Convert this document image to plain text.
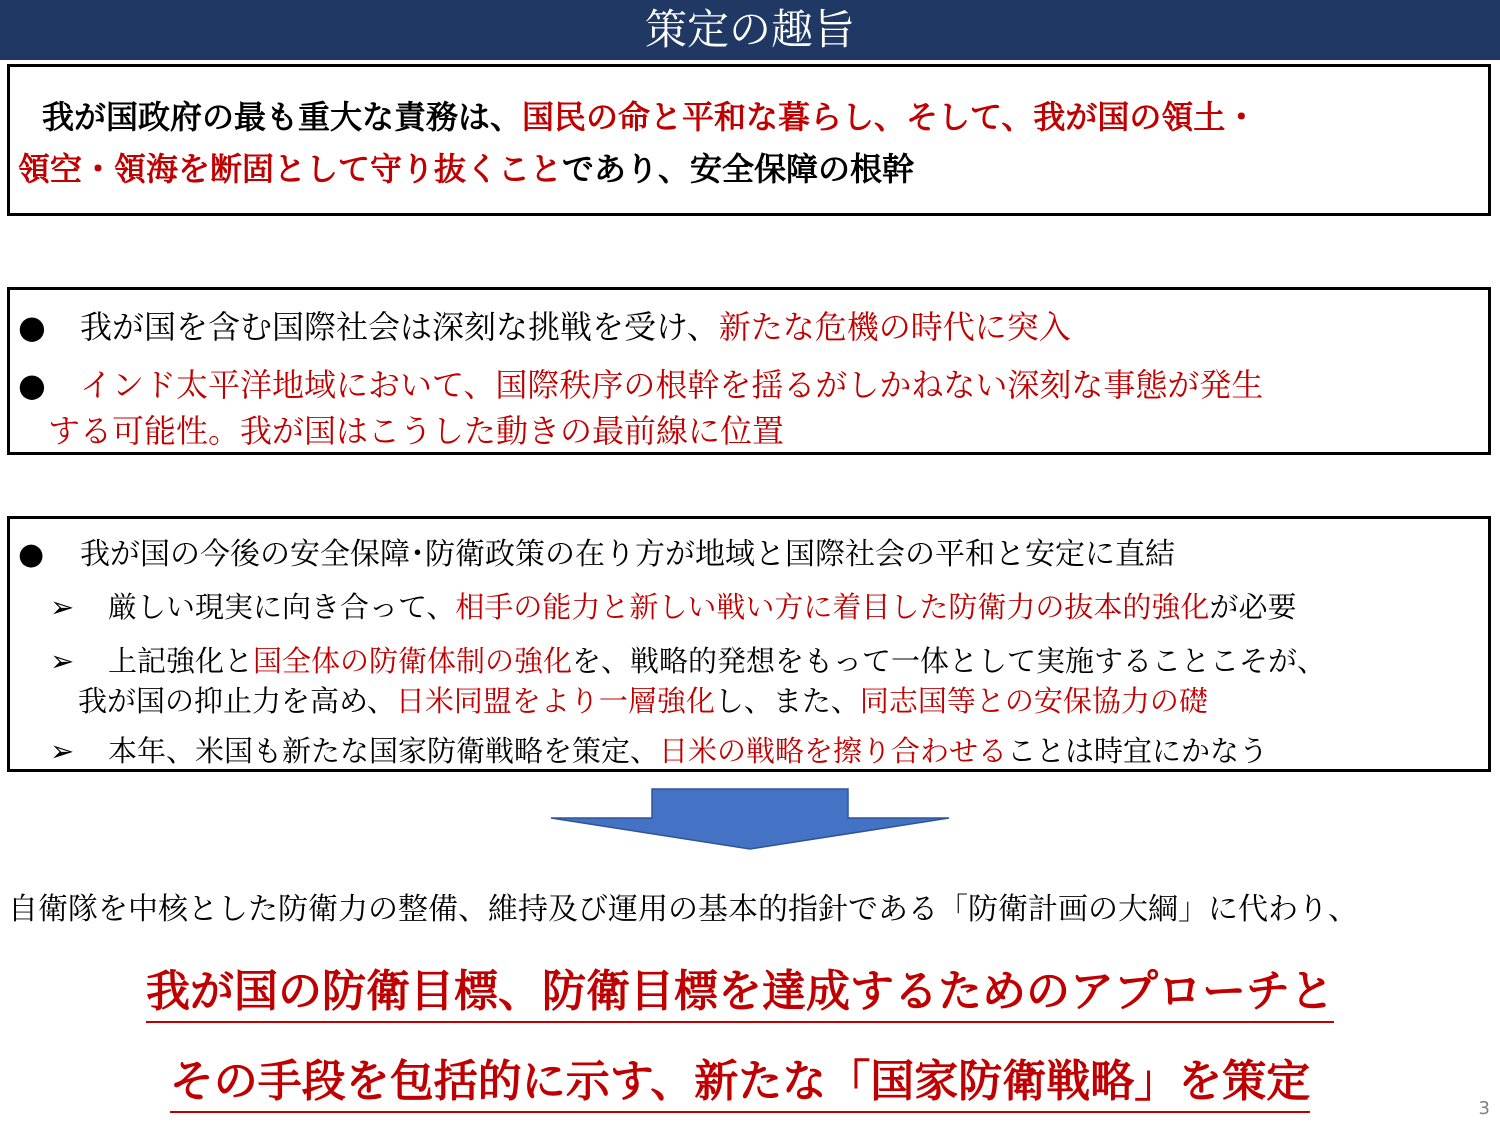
策定の趣旨
我が国政府の最も重大な責務は、国民の命と平和な暮らし、そして、我が国の領土・
領空・領海を断固として守り抜くことであり、安全保障の根幹
● 我が国を含む国際社会は深刻な挑戦を受け、新たな危機の時代に突入
● インド太平洋地域において、国際秩序の根幹を揺るがしかねない深刻な事態が発生
する可能性。我が国はこうした動きの最前線に位置
● 我が国の今後の安全保障･防衛政策の在り方が地域と国際社会の平和と安定に直結
➢ 厳しい現実に向き合って、相手の能力と新しい戦い方に着目した防衛力の抜本的強化が必要
➢ 上記強化と国全体の防衛体制の強化を、戦略的発想をもって一体として実施することこそが、
我が国の抑止力を高め、日米同盟をより一層強化し、また、同志国等との安保協力の礎
➢ 本年、米国も新たな国家防衛戦略を策定、日米の戦略を擦り合わせることは時宜にかなう
自衛隊を中核とした防衛力の整備、維持及び運用の基本的指針である「防衛計画の大綱」に代わり、
我が国の防衛目標、防衛目標を達成するためのアプローチと
その手段を包括的に示す、新たな「国家防衛戦略」を策定
3
